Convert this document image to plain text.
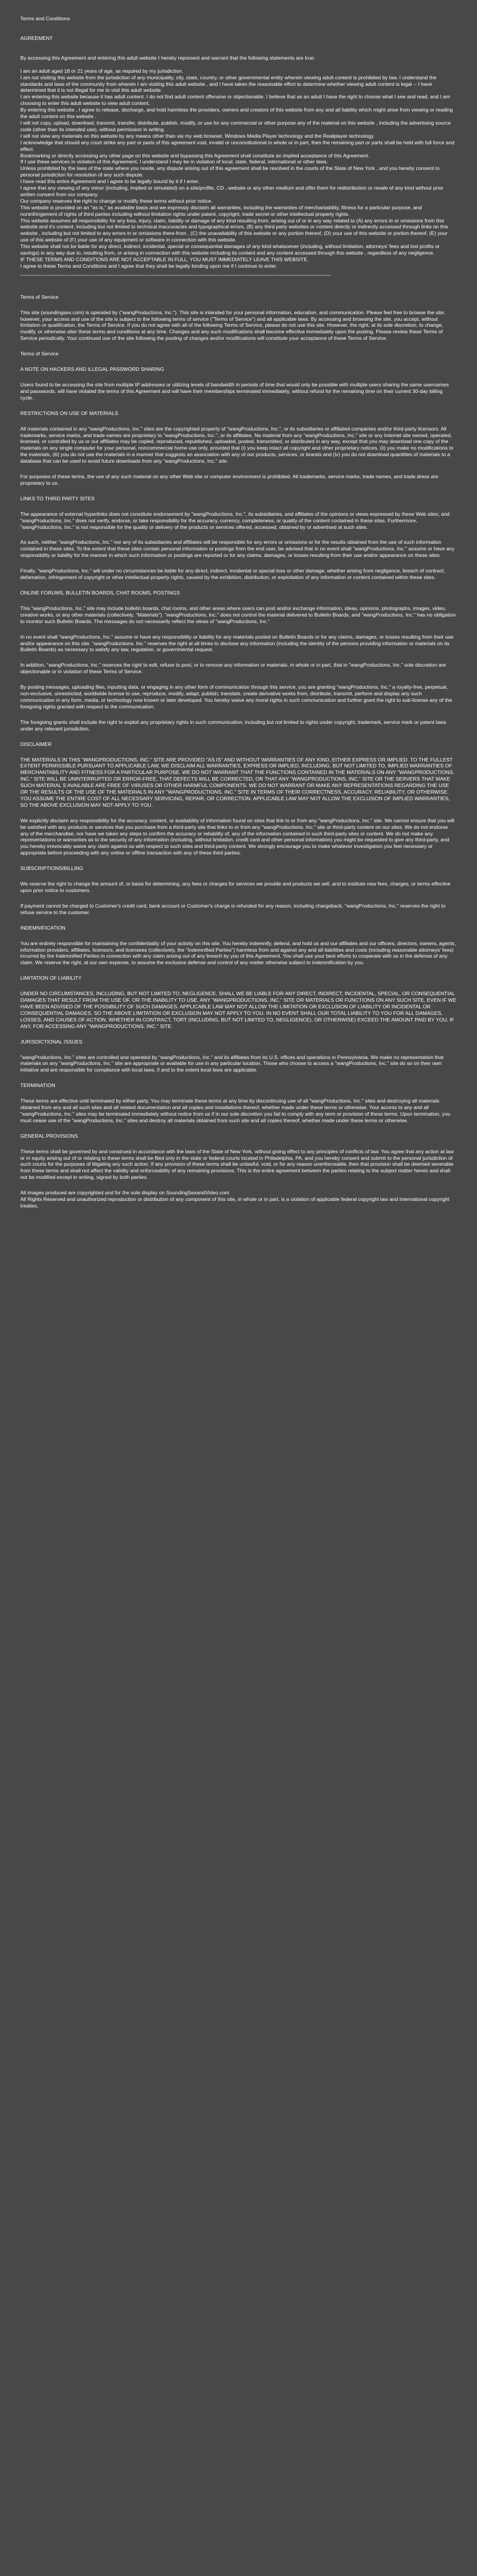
Terms and Conditions

AGREEMENT

By accessing this Agreement and entering this adult website I hereby represent and warrant that the following statements are true:

I am an adult aged 18 or 21 years of age, as required by my jurisdiction.

I am not visiting this website from the jurisdiction of any municipality, city, state, country, or other governmental entity wherein viewing adult content is prohibited by law. I understand the standards and laws of the community from wherein I am visiting this adult website , and I have taken the reasonable effort to determine whether viewing adult content is legal -- I have determined that it is not illegal for me to visit this adult website.

I am entering this website because it has adult content. I do not find adult content offensive or objectionable. I believe that as an adult I have the right to choose what I see and read, and I am choosing to enter this adult website to view adult content.

By entering this website , I agree to release, discharge, and hold harmless the providers, owners and creators of this website from any and all liability which might arise from viewing or reading the adult content on this website .

I will not copy, upload, download, transmit, transfer, distribute, publish, modify, or use for any commercial or other purpose any of the material on this website , including the advertising source code (other than its intended use), without permission in writing.

I will not view any materials on this website by any means other than via my web browser, Windows Media Player technology and the Realplayer technology.

I acknowledge that should any court strike any part or parts of this agreement void, invalid or unconstitutional in whole or in part, then the remaining part or parts shall be held with full force and effect.

Bookmarking or directly accessing any other page on this website and bypassing this Agreement shall constitute an implied acceptance of this Agreement.

If I use these services in violation of this Agreement, I understand I may be in violation of local, state, federal, international or other laws.

Unless prohibited by the laws of the state where you reside, any dispute arising out of this agreement shall be resolved in the courts of the State of New York , and you hereby consent to personal jurisdiction for resolution of any such dispute.

I have read this entire Agreement and I agree to be legally bound by it if I enter.

I agree that any viewing of any minor (including, implied or simulated) on a site/profile, CD , website or any other medium and offer them for redistribution or resale of any kind without prior written consent from our company.

Our company reserves the right to change or modify these terms without prior notice.

This website is provided on an "as is," as available basis and we expressly disclaim all warranties, including the warranties of merchantability, fitness for a particular purpose, and noninfringement of rights of third parties including without limitation rights under patent, copyright, trade secret or other intellectual property rights.

This website assumes all responsibility for any loss, injury, claim, liability or damage of any kind resulting from, arising out of or in any way related to (A) any errors in or omissions from this website and it's content, including but not limited to technical inaccuracies and typographical errors, (B) any third party websites or content directly or indirectly accessed through links on this website , including but not limited to any errors in or omissions there-from , (C) the unavailability of this website or any portion thereof, (D) your use of this website or portion thereof, (E) your use of this website of (F) your use of any equipment or software in connection with this website.

This website shall not be liable for any direct, indirect, incidental, special or consequential damages of any kind whatsoever (including, without limitation, attorneys' fees and lost profits or savings) in any way due to, resulting from, or arising in connection with this website including its content and any content accessed through this website , regardless of any negligence.

IF THESE TERMS AND CONDITIONS ARE NOT ACCEPTABLE IN FULL, YOU MUST IMMEDIATELY LEAVE THIS WEBSITE.

I agree to these Terms and Conditions and I agree that they shall be legally binding upon me if I continue to enter.

--------------------------------------------------------------------------------------------------------------------------------------------------------------------------------------

Terms of Service

This site (soundingsex.com) is operated by ("wangProductions, Inc."). This site is intended for your personal information, education, and communication. Please feel free to browse the site; however, your access and use of the site is subject to the following terms of service ("Terms of Service") and all applicable laws. By accessing and browsing the site, you accept, without limitation or qualification, the Terms of Service. If you do not agree with all of the following Terms of Service, please do not use this site. However, the right, at its sole discretion, to change, modify, or otherwise alter these terms and conditions at any time. Changes and any such modifications shall become effective immediately upon the posting. Please review these Terms of Service periodically. Your continued use of the site following the posting of changes and/or modifications will constitute your acceptance of these Terms of Service.

Terms of Service

A NOTE ON HACKERS AND ILLEGAL PASSWORD SHARING

Users found to be accessing the site from multiple IP addresses or utilizing levels of bandwidth in periods of time that would only be possible with multiple users sharing the same usernames and passwords, will have violated the terms of this Agreement and will have their memberships terminated immediately, without refund for the remaining time on their current 30-day billing cycle.

RESTRICTIONS ON USE OF MATERIALS

All materials contained in any "wangProductions, Inc." sites are the copyrighted property of "wangProductions, Inc.", or its subsidiaries or affiliated companies and/or third-party licensors. All trademarks, service marks, and trade names are proprietary to "wangProductions, Inc.", or its affiliates. No material from any "wangProductions, Inc." site or any Internet site owned, operated, licensed, or controlled by us or our affiliates may be copied, reproduced, republished, uploaded, posted, transmitted, or distributed in any way, except that you may download one copy of the materials on any single computer for your personal, noncommercial home use only, provided that (i) you keep intact all copyright and other proprietary notices, (ii) you make no modifications to the materials, (iii) you do not use the materials in a manner that suggests an association with any of our products, services, or brands and (iv) you do not download quantities of materials to a database that can be used to avoid future downloads from any "wangProductions, Inc." site.

For purposes of these terms, the use of any such material on any other Web site or computer environment is prohibited. All trademarks, service marks, trade names, and trade dress are proprietary to us.

LINKS TO THIRD PARTY SITES

The appearance of external hyperlinks does not constitute endorsement by "wangProductions, Inc.", its subsidiaries, and affiliates of the opinions or views expressed by these Web sites; and "wangProductions, Inc." does not verify, endorse, or take responsibility for the accuracy, currency, completeness, or quality of the content contained in these sites. Furthermore, "wangProductions, Inc." is not responsible for the quality or delivery of the products or services offered, accessed, obtained by or advertised at such sites.

As such, neither "wangProductions, Inc." nor any of its subsidiaries and affiliates will be responsible for any errors or omissions or for the results obtained from the use of such information contained in these sites. To the extent that these sites contain personal information or postings from the end user, be advised that in no event shall "wangProductions, Inc." assume or have any responsibility or liability for the manner in which such information or postings are reported or for any claims, damages, or losses resulting from their use and/or appearance on these sites.

Finally, "wangProductions, Inc." will under no circumstances be liable for any direct, indirect, incidental or special loss or other damage, whether arising from negligence, breach of contract, defamation, infringement of copyright or other intellectual property rights, caused by the exhibition, distribution, or exploitation of any information or content contained within these sites.

ONLINE FORUMS, BULLETIN BOARDS, CHAT ROOMS, POSTINGS

This "wangProductions, Inc." site may include bulletin boards, chat rooms, and other areas where users can post and/or exchange information, ideas, opinions, photographs, images, video, creative works, or any other materials (collectively, "Materials"). "wangProductions, Inc." does not control the material delivered to Bulletin Boards, and "wangProductions, Inc." has no obligation to monitor such Bulletin Boards. The messages do not necessarily reflect the views of "wangProductions, Inc."

In no event shall "wangProductions, Inc." assume or have any responsibility or liability for any materials posted on Bulletin Boards or for any claims, damages, or losses resulting from their use and/or appearance on this site. "wangProductions, Inc." reserves the right at all times to disclose any information (including the identity of the persons providing information or materials on its Bulletin Boards) as necessary to satisfy any law, regulation, or governmental request.

In addition, "wangProductions, Inc." reserves the right to edit, refuse to post, or to remove any information or materials, in whole or in part, that in "wangProductions, Inc." sole discretion are objectionable or in violation of these Terms of Service.

By posting messages, uploading files, inputting data, or engaging in any other form of communication through this service, you are granting "wangProductions, Inc." a royalty-free, perpetual, non-exclusive, unrestricted, worldwide license to use, reproduce, modify, adapt, publish, translate, create derivative works from, distribute, transmit, perform and display any such communication in any form, media, or technology now known or later developed. You hereby waive any moral rights in such communication and further grant the right to sub-license any of the foregoing rights granted with respect to the communication.

The foregoing grants shall include the right to exploit any proprietary rights in such communication, including but not limited to rights under copyright, trademark, service mark or patent laws under any relevant jurisdiction.

DISCLAIMER

THE MATERIALS IN THIS "WANGPRODUCTIONS, INC." SITE ARE PROVIDED "AS IS" AND WITHOUT WARRANTIES OF ANY KIND, EITHER EXPRESS OR IMPLIED. TO THE FULLEST EXTENT PERMISSIBLE PURSUANT TO APPLICABLE LAW, WE DISCLAIM ALL WARRANTIES, EXPRESS OR IMPLIED, INCLUDING, BUT NOT LIMITED TO, IMPLIED WARRANTIES OF MERCHANTABILITY AND FITNESS FOR A PARTICULAR PURPOSE. WE DO NOT WARRANT THAT THE FUNCTIONS CONTAINED IN THE MATERIALS ON ANY "WANGPRODUCTIONS, INC." SITE WILL BE UNINTERRUPTED OR ERROR-FREE, THAT DEFECTS WILL BE CORRECTED, OR THAT ANY "WANGPRODUCTIONS, INC." SITE OR THE SERVERS THAT MAKE SUCH MATERIAL S AVAILABLE ARE FREE OF VIRUSES OR OTHER HARMFUL COMPONENTS. WE DO NOT WARRANT OR MAKE ANY REPRESENTATIONS REGARDING THE USE OR THE RESULTS OF THE USE OF THE MATERIALS IN ANY "WANGPRODUCTIONS, INC." SITE IN TERMS OF THEIR CORRECTNESS, ACCURACY, RELIABILITY, OR OTHERWISE. YOU ASSUME THE ENTIRE COST OF ALL NECESSARY SERVICING, REPAIR, OR CORRECTION. APPLICABLE LAW MAY NOT ALLOW THE EXCLUSION OF IMPLIED WARRANTIES, SO THE ABOVE EXCLUSION MAY NOT APPLY TO YOU.

We explicitly disclaim any responsibility for the accuracy, content, or availability of information found on sites that link to or from any "wangProductions, Inc." site. We cannot ensure that you will be satisfied with any products or services that you purchase from a third-party site that links to or from any "wangProductions, Inc." site or third-party content on our sites. We do not endorse any of the merchandise, nor have we taken any steps to confirm the accuracy or reliability of, any of the information contained in such third-party sites or content. We do not make any representations or warranties as to the security of any information (including, without limitation, credit card and other personal information) you might be requested to give any third-party, and you hereby irrevocably waive any claim against us with respect to such sites and third-party content. We strongly encourage you to make whatever investigation you feel necessary or appropriate before proceeding with any online or offline transaction with any of these third parties.

SUBSCRIPTIONS/BILLING

We reserve the right to change the amount of, or basis for determining, any fees or charges for services we provide and products we sell, and to institute new fees, charges, or terms effective upon prior notice to customers.

If payment cannot be charged to Customer's credit card, bank account or Customer's charge is refunded for any reason, including chargeback, "wangProductions, Inc." reserves the right to refuse service to the customer.

INDEMNIFICATION

You are entirely responsible for maintaining the confidentiality of your activity on this site. You hereby indemnify, defend, and hold us and our affiliates and our officers, directors, owners, agents, information providers, affiliates, licensors, and licensees (collectively, the "Indemnified Parties") harmless from and against any and all liabilities and costs (including reasonable attorneys' fees) incurred by the Indemnified Parties in connection with any claim arising out of any breach by you of this Agreement. You shall use your best efforts to cooperate with us in the defense of any claim. We reserve the right, at our own expense, to assume the exclusive defense and control of any matter otherwise subject to indemnification by you.

LIMITATION OF LIABILITY

UNDER NO CIRCUMSTANCES, INCLUDING, BUT NOT LIMITED TO, NEGLIGENCE, SHALL WE BE LIABLE FOR ANY DIRECT, INDIRECT, INCIDENTAL, SPECIAL, OR CONSEQUENTIAL DAMAGES THAT RESULT FROM THE USE OF, OR THE INABILITY TO USE, ANY "WANGPRODUCTIONS, INC." SITE OR MATERIALS OR FUNCTIONS ON ANY SUCH SITE, EVEN IF WE HAVE BEEN ADVISED OF THE POSSIBILITY OF SUCH DAMAGES. APPLICABLE LAW MAY NOT ALLOW THE LIMITATION OR EXCLUSION OF LIABILITY OR INCIDENTAL OR CONSEQUENTIAL DAMAGES, SO THE ABOVE LIMITATION OR EXCLUSION MAY NOT APPLY TO YOU. IN NO EVENT SHALL OUR TOTAL LIABILITY TO YOU FOR ALL DAMAGES, LOSSES, AND CAUSES OF ACTION, WHETHER IN CONTRACT, TORT (INCLUDING, BUT NOT LIMITED TO, NEGLIGENCE), OR OTHERWISE) EXCEED THE AMOUNT PAID BY YOU, IF ANY, FOR ACCESSING ANY "WANGPRODUCTIONS, INC." SITE.

JURISDICTIONAL ISSUES

"wangProductions, Inc." sites are controlled and operated by "wangProductions, Inc." and its affiliates from its U.S. offices and operations in Pennsylvania. We make no representation that materials on any "wangProductions, Inc." site are appropriate or available for use in any particular location. Those who choose to access a "wangProductions, Inc." site do so on their own initiative and are responsible for compliance with local laws, if and to the extent local laws are applicable.

TERMINATION

These terms are effective until terminated by either party. You may terminate these terms at any time by discontinuing use of all "wangProductions, Inc." sites and destroying all materials obtained from any and all such sites and all related documentation and all copies and installations thereof, whether made under these terms or otherwise. Your access to any and all "wangProductions, Inc." sites may be terminated immediately without notice from us if in our sole discretion you fail to comply with any term or provision of these terms. Upon termination, you must cease use of the "wangProductions, Inc." sites and destroy all materials obtained from such site and all copies thereof, whether made under these terms or otherwise.

GENERAL PROVISIONS

These terms shall be governed by and construed in accordance with the laws of the State of New York, without giving effect to any principles of conflicts of law. You agree that any action at law or in equity arising out of or relating to these terms shall be filed only in the state or federal courts located in Philadelphia, PA, and you hereby consent and submit to the personal jurisdiction of such courts for the purposes of litigating any such action. If any provision of these terms shall be unlawful, void, or for any reason unenforceable, then that provision shall be deemed severable from these terms and shall not affect the validity and enforceability of any remaining provisions. This is the entire agreement between the parties relating to the subject matter herein and shall not be modified except in writing, signed by both parties.

All images produced are copyrighted and for the sole display on SoundingSexandVideo.com

All Rights Reserved and unauthorized reproduction or distribution of any component of this site, in whole or in part, is a violation of applicable federal copyright law and international copyright treaties.
